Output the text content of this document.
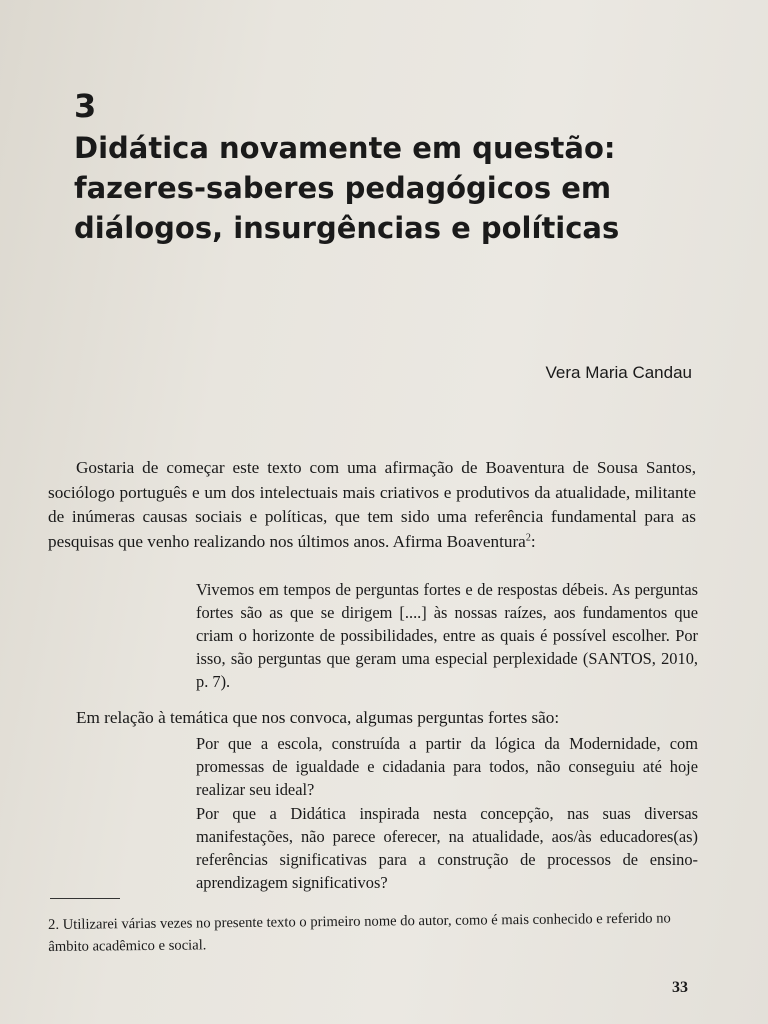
3
Didática novamente em questão:
fazeres-saberes pedagógicos em
diálogos, insurgências e políticas
Vera Maria Candau

Gostaria de começar este texto com uma afirmação de Boaventura de Sousa Santos, sociólogo português e um dos intelectuais mais criativos e produtivos da atualidade, militante de inúmeras causas sociais e políticas, que tem sido uma referência fundamental para as pesquisas que venho realizando nos últimos anos. Afirma Boaventura$^2$:

Vivemos em tempos de perguntas fortes e de respostas débeis. As perguntas fortes são as que se dirigem [....] às nossas raízes, aos fundamentos que criam o horizonte de possibilidades, entre as quais é possível escolher. Por isso, são perguntas que geram uma especial perplexidade (SANTOS, 2010, p. 7).

Em relação à temática que nos convoca, algumas perguntas fortes são:

Por que a escola, construída a partir da lógica da Modernidade, com promessas de igualdade e cidadania para todos, não conseguiu até hoje realizar seu ideal?

Por que a Didática inspirada nesta concepção, nas suas diversas manifestações, não parece oferecer, na atualidade, aos/às educadores(as) referências significativas para a construção de processos de ensino-aprendizagem significativos?

2. Utilizarei várias vezes no presente texto o primeiro nome do autor, como é mais conhecido e referido no âmbito acadêmico e social.

33
